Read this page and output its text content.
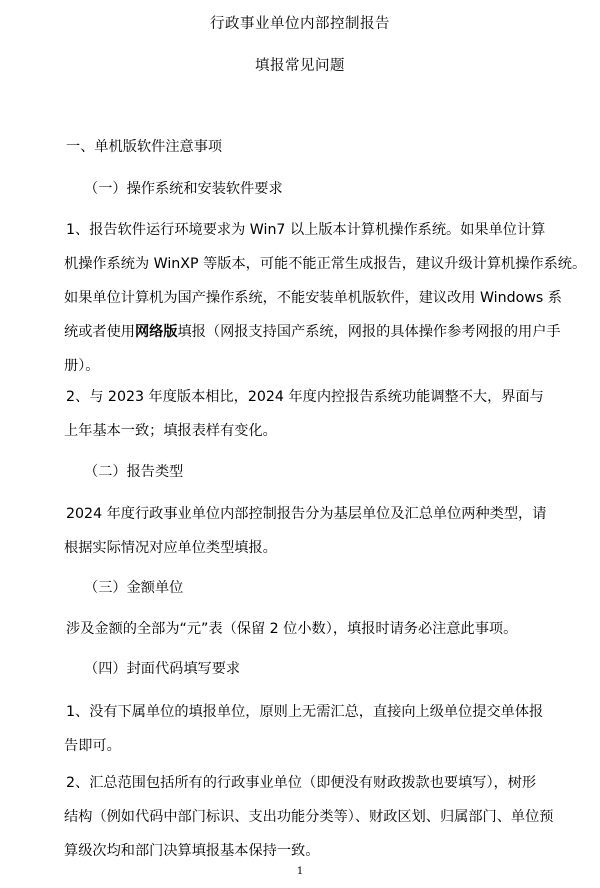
行政事业单位内部控制报告
填报常见问题
一、单机版软件注意事项
（一）操作系统和安装软件要求
1、报告软件运行环境要求为 Win7 以上版本计算机操作系统。如果单位计算
机操作系统为 WinXP 等版本，可能不能正常生成报告，建议升级计算机操作系统。
如果单位计算机为国产操作系统，不能安装单机版软件，建议改用 Windows 系
统或者使用网络版填报（网报支持国产系统，网报的具体操作参考网报的用户手
册）。
2、与 2023 年度版本相比，2024 年度内控报告系统功能调整不大，界面与
上年基本一致；填报表样有变化。
（二）报告类型
2024 年度行政事业单位内部控制报告分为基层单位及汇总单位两种类型，请
根据实际情况对应单位类型填报。
（三）金额单位
涉及金额的全部为“元”表（保留 2 位小数），填报时请务必注意此事项。
（四）封面代码填写要求
1、没有下属单位的填报单位，原则上无需汇总，直接向上级单位提交单体报
告即可。
2、汇总范围包括所有的行政事业单位（即便没有财政拨款也要填写），树形
结构（例如代码中部门标识、支出功能分类等）、财政区划、归属部门、单位预
算级次均和部门决算填报基本保持一致。
1
